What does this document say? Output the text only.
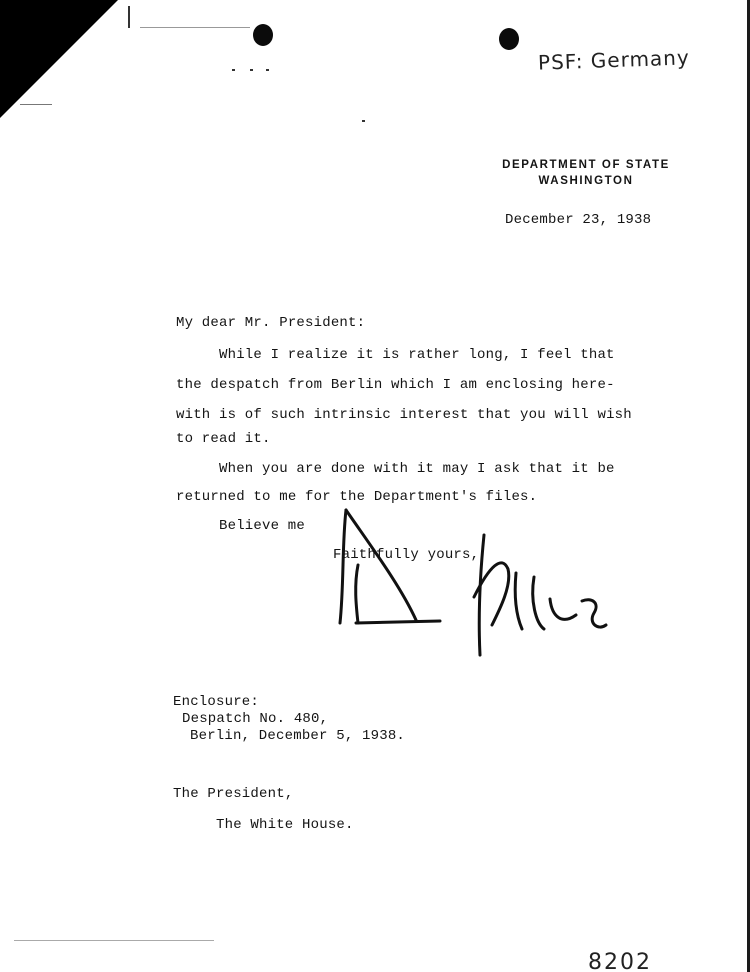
PSF: Germany
DEPARTMENT OF STATE
WASHINGTON
December 23, 1938
My dear Mr. President:
While I realize it is rather long, I feel that
the despatch from Berlin which I am enclosing here-
with is of such intrinsic interest that you will wish
to read it.
When you are done with it may I ask that it be
returned to me for the Department's files.
Believe me
Faithfully yours,
Enclosure:
Despatch No. 480,
Berlin, December 5, 1938.
The President,
The White House.
8202
